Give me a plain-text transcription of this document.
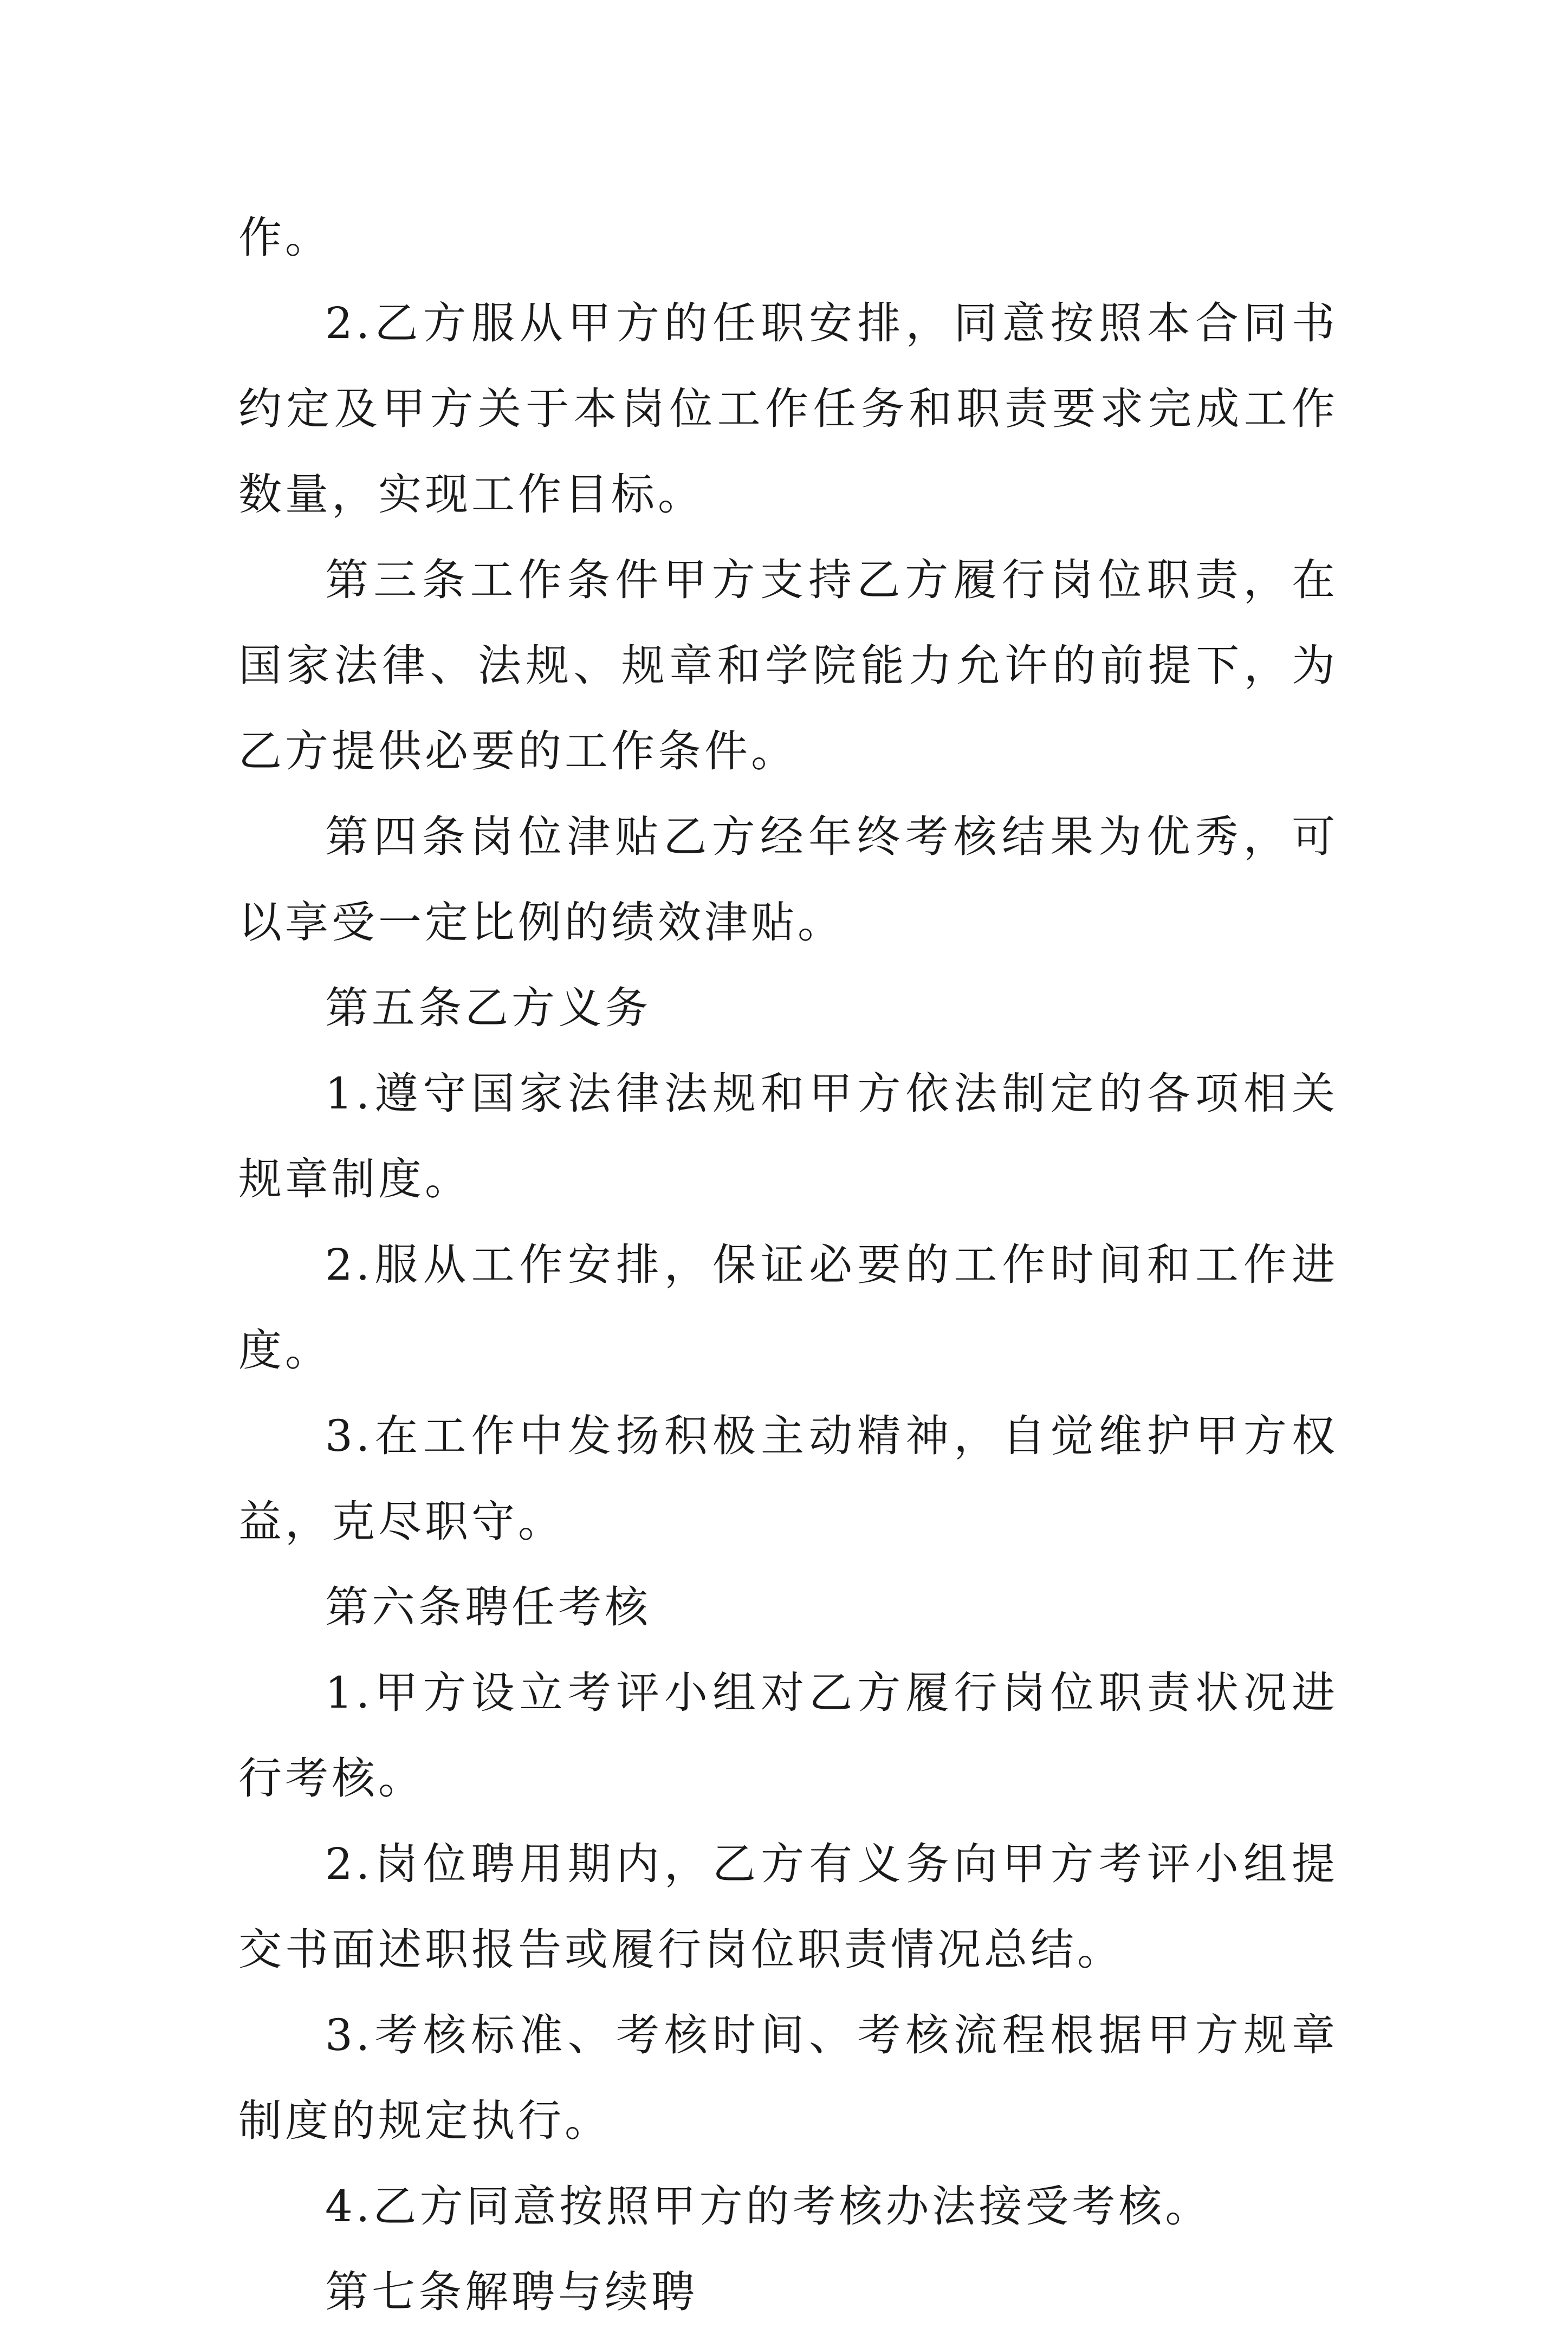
作。

2.乙方服从甲方的任职安排，同意按照本合同书约定及甲方关于本岗位工作任务和职责要求完成工作数量，实现工作目标。

第三条工作条件甲方支持乙方履行岗位职责，在国家法律、法规、规章和学院能力允许的前提下，为乙方提供必要的工作条件。

第四条岗位津贴乙方经年终考核结果为优秀，可以享受一定比例的绩效津贴。

第五条乙方义务

1.遵守国家法律法规和甲方依法制定的各项相关规章制度。

2.服从工作安排，保证必要的工作时间和工作进度。

3.在工作中发扬积极主动精神，自觉维护甲方权益，克尽职守。

第六条聘任考核

1.甲方设立考评小组对乙方履行岗位职责状况进行考核。

2.岗位聘用期内，乙方有义务向甲方考评小组提交书面述职报告或履行岗位职责情况总结。

3.考核标准、考核时间、考核流程根据甲方规章制度的规定执行。

4.乙方同意按照甲方的考核办法接受考核。

第七条解聘与续聘
